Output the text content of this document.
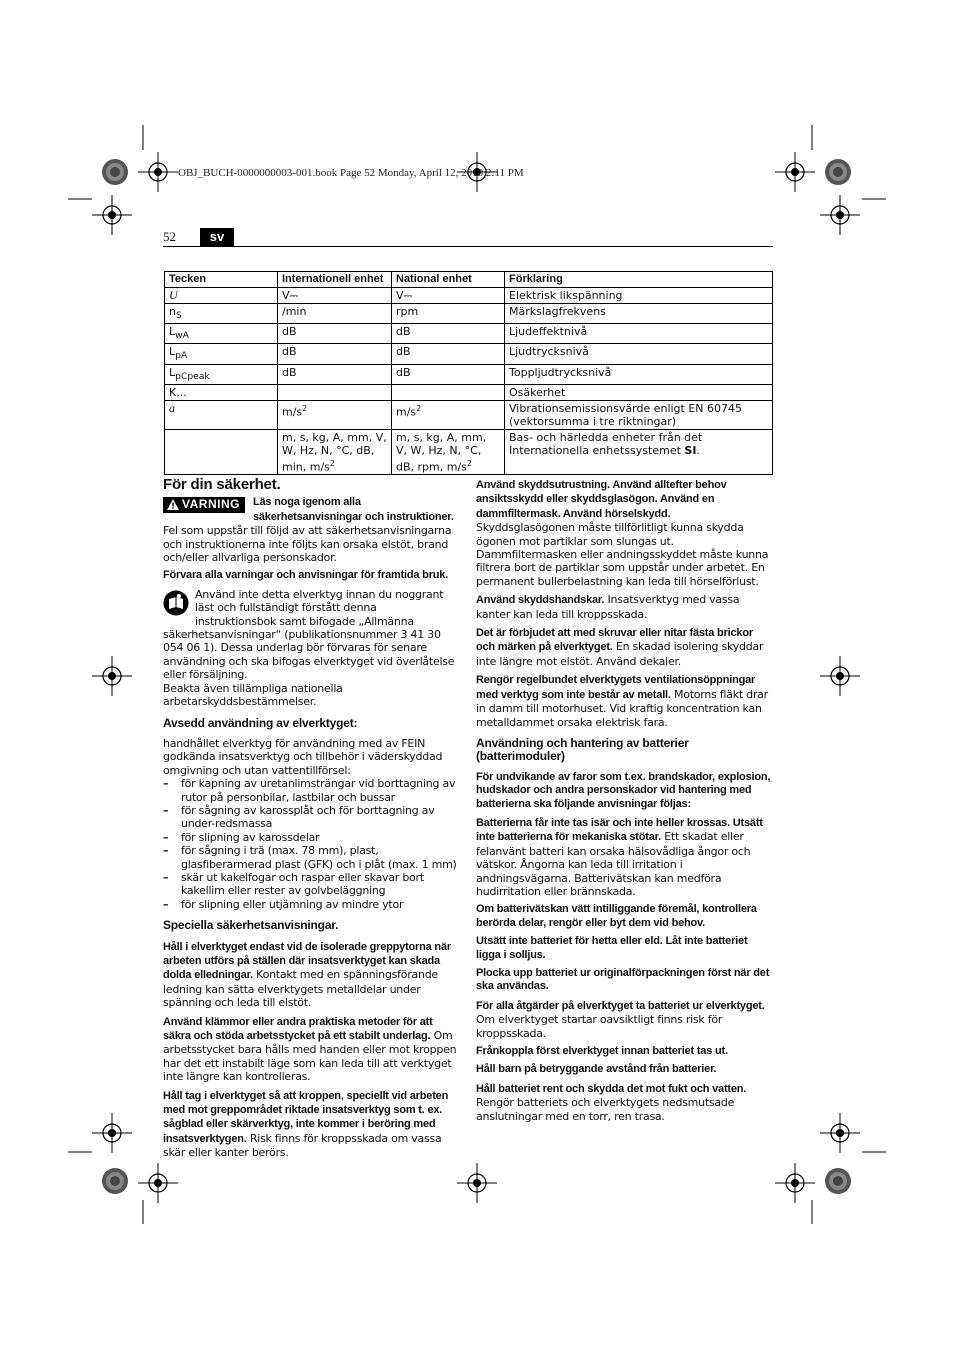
OBJ_BUCH-0000000003-001.book Page 52 Monday, April 12, 2010 2:11 PM
52	sv
Tecken	Internationell enhet	National enhet	Förklaring
U	V⎓	V⎓	Elektrisk likspänning
$n_S$	/min	rpm	Märkslagfrekvens
$L_{wA}$	dB	dB	Ljudeffektnivå
$L_{pA}$	dB	dB	Ljudtrycksnivå
$L_{pCpeak}$	dB	dB	Toppljudtrycksnivå
K...			Osäkerhet
a	$m/s^2$	$m/s^2$	Vibrationsemissionsvärde enligt EN 60745 (vektorsumma i tre riktningar)
	m, s, kg, A, mm, V, W, Hz, N, °C, dB, min, $m/s^2$	m, s, kg, A, mm, V, W, Hz, N, °C, dB, rpm, $m/s^2$	Bas- och härledda enheter från det Internationella enhetssystemet SI.
För din säkerhet.

VARNING	Läs noga igenom alla säkerhetsanvisningar och instruktioner. Fel som uppstår till följd av att säkerhetsanvisningarna och instruktionerna inte följts kan orsaka elstöt, brand och/eller allvarliga personskador.

Förvara alla varningar och anvisningar för framtida bruk.

Använd inte detta elverktyg innan du noggrant läst och fullständigt förstått denna instruktionsbok samt bifogade „Allmänna säkerhetsanvisningar“ (publikationsnummer 3 41 30 054 06 1). Dessa underlag bör förvaras för senare användning och ska bifogas elverktyget vid överlåtelse eller försäljning.

Beakta även tillämpliga nationella arbetarskyddsbestämmelser.

Avsedd användning av elverktyget:

handhållet elverktyg för användning med av FEIN godkända insatsverktyg och tillbehör i väderskyddad omgivning och utan vattentillförsel:

– för kapning av uretanlimsträngar vid borttagning av rutor på personbilar, lastbilar och bussar
– för sågning av karossplåt och för borttagning av under-redsmassa
– för slipning av karossdelar
– för sågning i trä (max. 78 mm), plast, glasfiberarmerad plast (GFK) och i plåt (max. 1 mm)
– skär ut kakelfogar och raspar eller skavar bort kakellim eller rester av golvbeläggning
– för slipning eller utjämning av mindre ytor
Speciella säkerhetsanvisningar.

Håll i elverktyget endast vid de isolerade greppytorna när arbeten utförs på ställen där insatsverktyget kan skada dolda elledningar. Kontakt med en spänningsförande ledning kan sätta elverktygets metalldelar under spänning och leda till elstöt.

Använd klämmor eller andra praktiska metoder för att säkra och stöda arbetsstycket på ett stabilt underlag. Om arbetsstycket bara hålls med handen eller mot kroppen har det ett instabilt läge som kan leda till att verktyget inte längre kan kontrolleras.

Håll tag i elverktyget så att kroppen, speciellt vid arbeten med mot greppområdet riktade insatsverktyg som t. ex. sågblad eller skärverktyg, inte kommer i beröring med insatsverktygen. Risk finns för kroppsskada om vassa skär eller kanter berörs.

Använd skyddsutrustning. Använd alltefter behov ansiktsskydd eller skyddsglasögon. Använd en dammfiltermask. Använd hörselskydd. Skyddsglasögonen måste tillförlitligt kunna skydda ögonen mot partiklar som slungas ut. Dammfiltermasken eller andningsskyddet måste kunna filtrera bort de partiklar som uppstår under arbetet. En permanent bullerbelastning kan leda till hörselförlust.

Använd skyddshandskar. Insatsverktyg med vassa kanter kan leda till kroppsskada.

Det är förbjudet att med skruvar eller nitar fästa brickor och märken på elverktyget. En skadad isolering skyddar inte längre mot elstöt. Använd dekaler.

Rengör regelbundet elverktygets ventilationsöppningar med verktyg som inte består av metall. Motorns fläkt drar in damm till motorhuset. Vid kraftig koncentration kan metalldammet orsaka elektrisk fara.

Användning och hantering av batterier (batterimoduler)

För undvikande av faror som t.ex. brandskador, explosion, hudskador och andra personskador vid hantering med batterierna ska följande anvisningar följas:

Batterierna får inte tas isär och inte heller krossas. Utsätt inte batterierna för mekaniska stötar. Ett skadat eller felanvänt batteri kan orsaka hälsovådliga ångor och vätskor. Ångorna kan leda till irritation i andningsvägarna. Batterivätskan kan medföra hudirritation eller brännskada.

Om batterivätskan vätt intilliggande föremål, kontrollera berörda delar, rengör eller byt dem vid behov.

Utsätt inte batteriet för hetta eller eld. Låt inte batteriet ligga i solljus.

Plocka upp batteriet ur originalförpackningen först när det ska användas.

För alla åtgärder på elverktyget ta batteriet ur elverktyget. Om elverktyget startar oavsiktligt finns risk för kroppsskada.

Frånkoppla först elverktyget innan batteriet tas ut.

Håll barn på betryggande avstånd från batterier.

Håll batteriet rent och skydda det mot fukt och vatten. Rengör batteriets och elverktygets nedsmutsade anslutningar med en torr, ren trasa.
